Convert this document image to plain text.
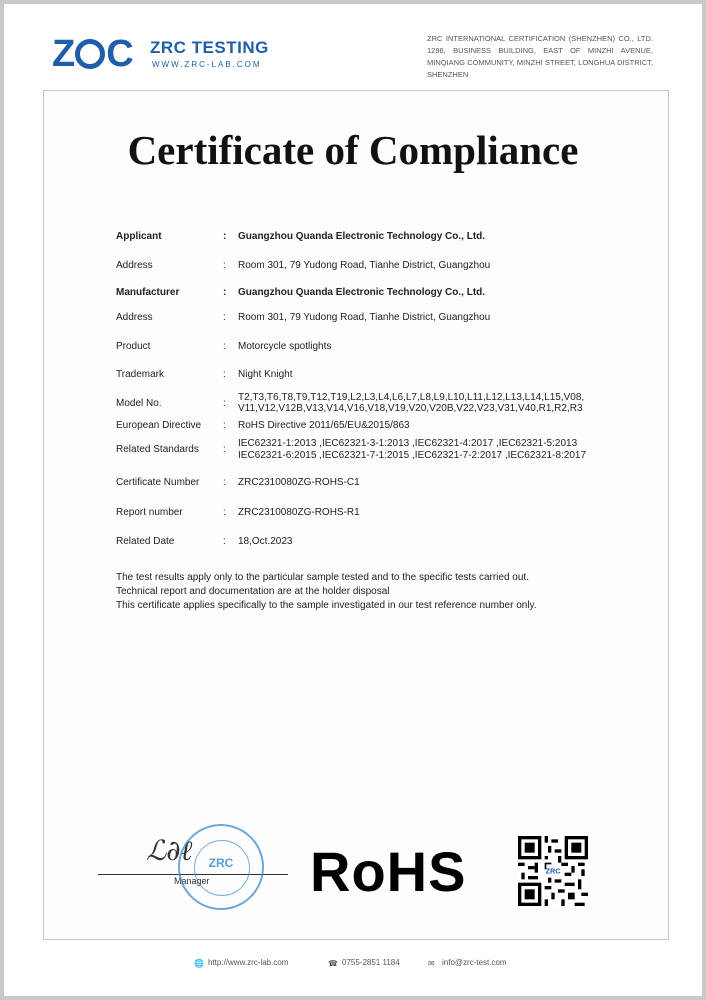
Z C ZRC TESTING
WWW.ZRC-LAB.COM
ZRC INTERNATIONAL CERTIFICATION (SHENZHEN) CO., LTD. 1296, BUSINESS BUILDING, EAST OF MINZHI AVENUE, MINQIANG COMMUNITY, MINZHI STREET, LONGHUA DISTRICT, SHENZHEN
Certificate of Compliance
Applicant	: Guangzhou Quanda Electronic Technology Co., Ltd.
Address	: Room 301, 79 Yudong Road, Tianhe District, Guangzhou
Manufacturer	: Guangzhou Quanda Electronic Technology Co., Ltd.
Address	: Room 301, 79 Yudong Road, Tianhe District, Guangzhou
Product	: Motorcycle spotlights
Trademark	: Night Knight
Model No.	:
T2,T3,T6,T8,T9,T12,T19,L2,L3,L4,L6,L7,L8,L9,L10,L11,L12,L13,L14,L15,V08,
V11,V12,V12B,V13,V14,V16,V18,V19,V20,V20B,V22,V23,V31,V40,R1,R2,R3
European Directive	: RoHS Directive 2011/65/EU&2015/863
Related Standards	:
IEC62321-1:2013 ,IEC62321-3-1:2013 ,IEC62321-4:2017 ,IEC62321-5:2013
IEC62321-6:2015 ,IEC62321-7-1:2015 ,IEC62321-7-2:2017 ,IEC62321-8:2017
Certificate Number	: ZRC2310080ZG-ROHS-C1
Report number	: ZRC2310080ZG-ROHS-R1
Related Date	: 18,Oct.2023
The test results apply only to the particular sample tested and to the specific tests carried out.
Technical report and documentation are at the holder disposal
This certificate applies specifically to the sample investigated in our test reference number only.
ℒ∂ℓ
Manager
ZRC	RoHS	ZRC
🌐 http://www.zrc-lab.com	☎ 0755-2851 1184	✉ info@zrc-test.com
